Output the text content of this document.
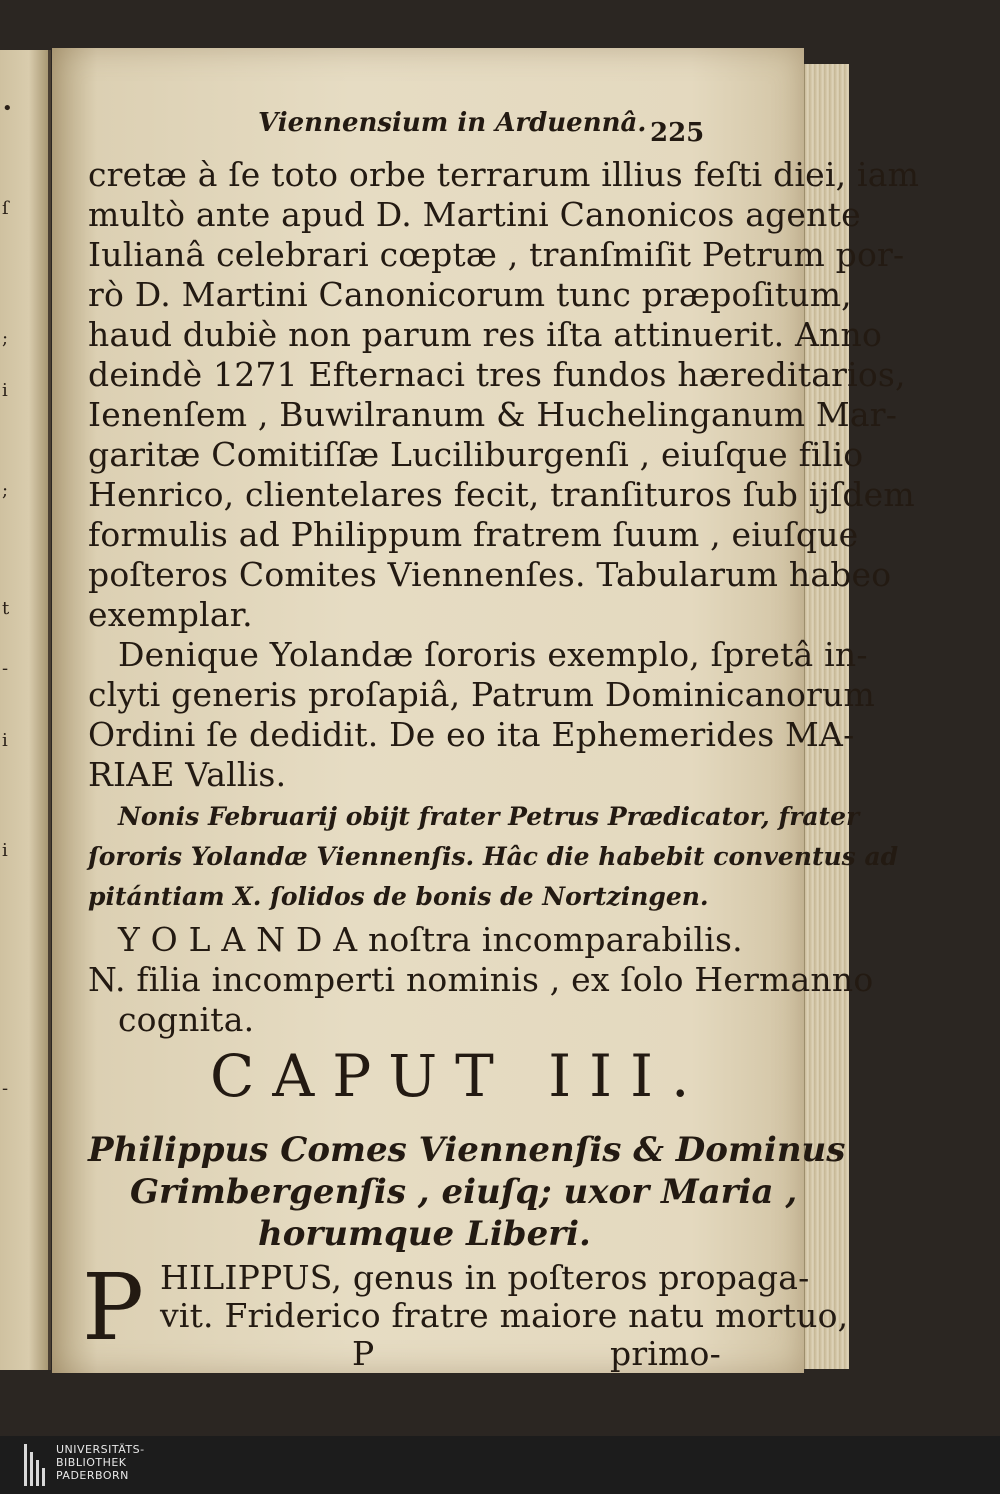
•
ſ
;
i
;
t
-
i
i
-
Viennensium in Arduennâ. 225
cretæ à ſe toto orbe terrarum illius feſti diei, iam
multò ante apud D. Martini Canonicos agente
Iulianâ celebrari cœptæ , tranſmiſit Petrum por-
rò D. Martini Canonicorum tunc præpoſitum,
haud dubiè non parum res iſta attinuerit. Anno
deindè 1271 Efternaci tres fundos hæreditarios,
Ienenſem , Buwilranum & Huchelinganum Mar-
garitæ Comitiſſæ Luciliburgenſi , eiuſque filio
Henrico, clientelares fecit, tranſituros ſub ijſdem
formulis ad Philippum fratrem ſuum , eiuſque
poſteros Comites Viennenſes. Tabularum habeo
exemplar.
Denique Yolandæ ſororis exemplo, ſpretâ in-
clyti generis proſapiâ, Patrum Dominicanorum
Ordini ſe dedidit. De eo ita Ephemerides MA-
RIAE Vallis.
Nonis Februarij obijt frater Petrus Prædicator, frater
ſororis Yolandæ Viennenſis. Hâc die habebit conventus ad
pitántiam X. ſolidos de bonis de Nortzingen.
Y O L A N D A noſtra incomparabilis.
N. filia incomperti nominis , ex ſolo Hermanno
cognita.
CAPUT III.
Philippus Comes Viennenſis & Dominus
Grimbergenſis , eiuſq; uxor Maria ,
horumque Liberi.
P HILIPPUS, genus in poſteros propaga-
vit. Friderico fratre maiore natu mortuo,
P	primo-
UNIVERSITÄTS-
BIBLIOTHEK
PADERBORN
